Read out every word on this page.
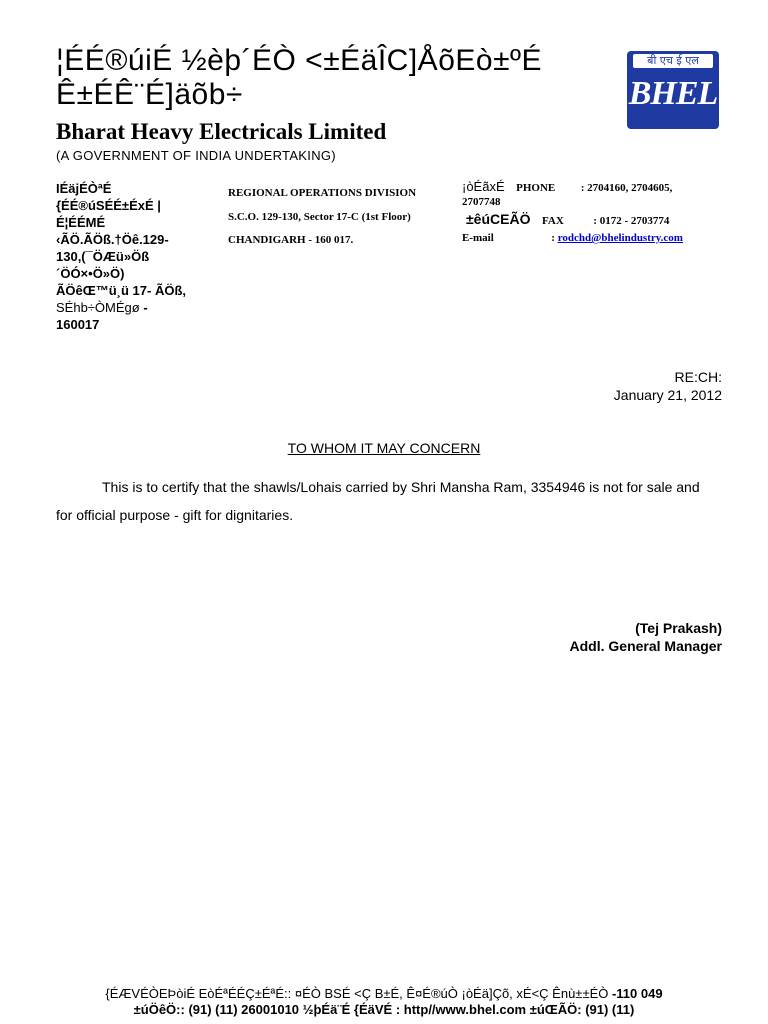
¦ÉÉ®úiÉ ½èþ´ÉÒ <±ÉäÎC]ÅõEò±ºÉ
Ê±ÉÊ¨É]äõb÷
बी एच ई एल
BHEL
Bharat Heavy Electricals Limited
(A GOVERNMENT OF INDIA UNDERTAKING)
IÉäjÉÒªÉ
{ÉÉ®úSÉÉ±ÉxÉ |
É¦ÉÉMÉ
‹ÃÖ.ÃÖß.†Öê.129-
130,(¯ÖÆü»Öß
´ÖÓ×•Ö»Ö)
ÃÖêŒ™ü¸ü 17- ÃÖß,
SÉhb÷ÒMÉgø -
160017
REGIONAL OPERATIONS DIVISION
S.C.O. 129-130, Sector 17-C (1st Floor)
CHANDIGARH - 160 017.
¡òÉãxÉ PHONE : 2704160, 2704605,
2707748
±êúCEÃÖ FAX	: 0172 - 2703774
E-mail	: rodchd@bhelindustry.com
RE:CH:
January 21, 2012
TO WHOM IT MAY CONCERN
This is to certify that the shawls/Lohais carried by Shri Mansha Ram, 3354946 is not for sale and for official purpose - gift for dignitaries.
(Tej Prakash)
Addl. General Manager
{ÉÆVÉÒEÞòiÉ EòÉªÉÉÇ±ÉªÉ:: ¤ÉÒ BSÉ <Ç B±É, Ê¤É®úÒ ¡òÉä]Çõ, xÉ<Ç Ênù±±ÉÒ -110 049
±úÖêÖ:: (91) (11) 26001010 ½þÉä¨É {ÉäVÉ : http//www.bhel.com ±úŒÃÖ: (91) (11)
